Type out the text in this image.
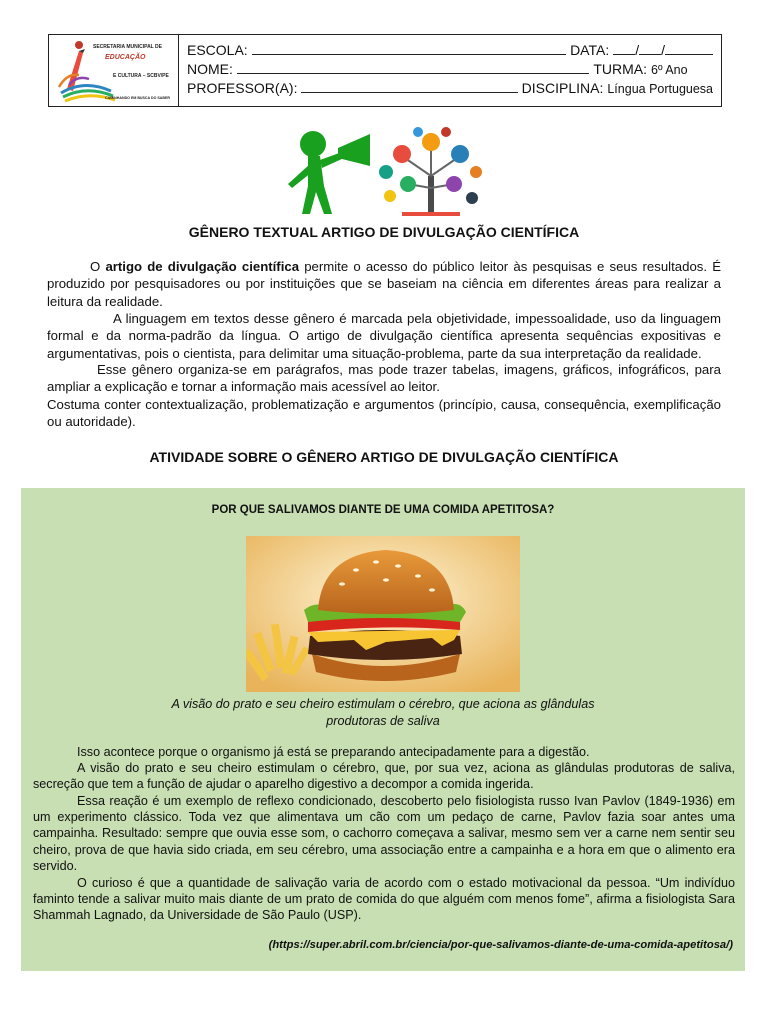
SECRETARIA MUNICIPAL DE
EDUCAÇÃO
E CULTURA – SCBV/PE
CAMINHANDO EM BUSCA DO SABER
ESCOLA:	DATA: / /
NOME:	TURMA: 6º Ano
PROFESSOR(A):	DISCIPLINA: Língua Portuguesa
GÊNERO TEXTUAL ARTIGO DE DIVULGAÇÃO CIENTÍFICA
O artigo de divulgação científica permite o acesso do público leitor às pesquisas e seus resultados. É produzido por pesquisadores ou por instituições que se baseiam na ciência em diferentes áreas para realizar a leitura da realidade.
A linguagem em textos desse gênero é marcada pela objetividade, impessoalidade, uso da linguagem formal e da norma-padrão da língua. O artigo de divulgação científica apresenta sequências expositivas e argumentativas, pois o cientista, para delimitar uma situação-problema, parte da sua interpretação da realidade.
Esse gênero organiza-se em parágrafos, mas pode trazer tabelas, imagens, gráficos, infográficos, para ampliar a explicação e tornar a informação mais acessível ao leitor.
Costuma conter contextualização, problematização e argumentos (princípio, causa, consequência, exemplificação ou autoridade).
ATIVIDADE SOBRE O GÊNERO ARTIGO DE DIVULGAÇÃO CIENTÍFICA
POR QUE SALIVAMOS DIANTE DE UMA COMIDA APETITOSA?
A visão do prato e seu cheiro estimulam o cérebro, que aciona as glândulas produtoras de saliva
Isso acontece porque o organismo já está se preparando antecipadamente para a digestão.
A visão do prato e seu cheiro estimulam o cérebro, que, por sua vez, aciona as glândulas produtoras de saliva, secreção que tem a função de ajudar o aparelho digestivo a decompor a comida ingerida.
Essa reação é um exemplo de reflexo condicionado, descoberto pelo fisiologista russo Ivan Pavlov (1849-1936) em um experimento clássico. Toda vez que alimentava um cão com um pedaço de carne, Pavlov fazia soar antes uma campainha. Resultado: sempre que ouvia esse som, o cachorro começava a salivar, mesmo sem ver a carne nem sentir seu cheiro, prova de que havia sido criada, em seu cérebro, uma associação entre a campainha e a hora em que o alimento era servido.
O curioso é que a quantidade de salivação varia de acordo com o estado motivacional da pessoa. “Um indivíduo faminto tende a salivar muito mais diante de um prato de comida do que alguém com menos fome”, afirma a fisiologista Sara Shammah Lagnado, da Universidade de São Paulo (USP).
(https://super.abril.com.br/ciencia/por-que-salivamos-diante-de-uma-comida-apetitosa/)
